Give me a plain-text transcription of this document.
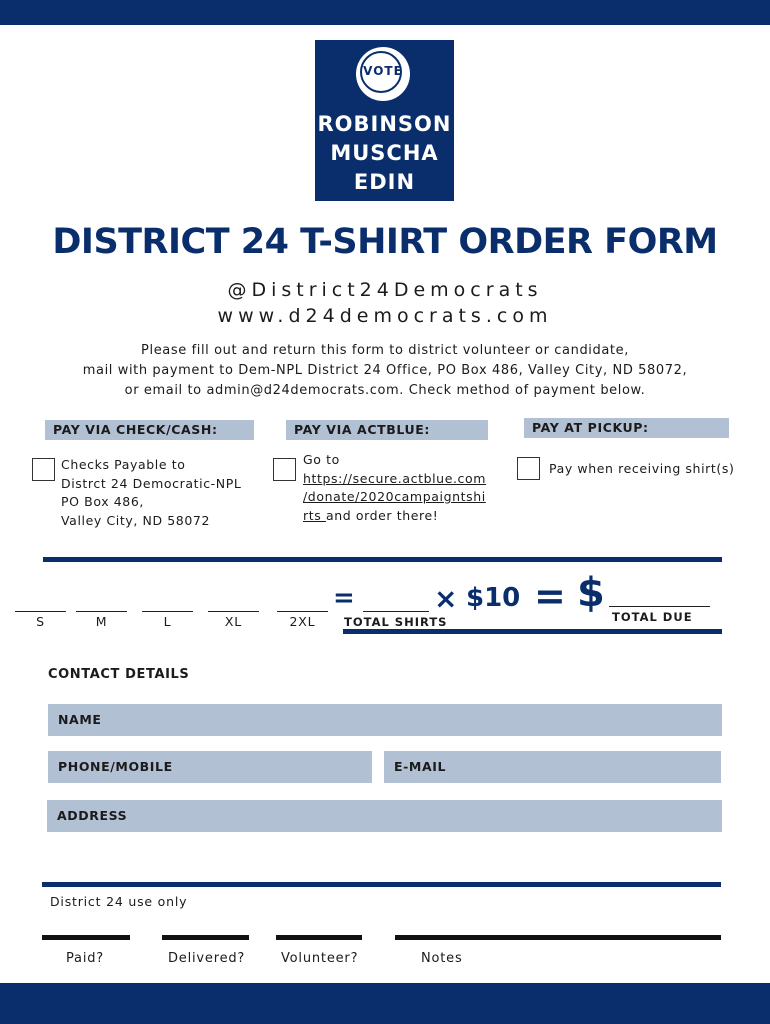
VOTE
ROBINSON
MUSCHA
EDIN
DISTRICT 24 T-SHIRT ORDER FORM
@District24Democrats
www.d24democrats.com
Please fill out and return this form to district volunteer or candidate,
mail with payment to Dem-NPL District 24 Office, PO Box 486, Valley City, ND 58072,
or email to admin@d24democrats.com. Check method of payment below.
PAY VIA CHECK/CASH:	PAY VIA ACTBLUE:	PAY AT PICKUP:
Checks Payable to
Distrct 24 Democratic-NPL
PO Box 486,
Valley City, ND 58072
Go to
https://secure.actblue.com
/donate/2020campaigntshi
rts and order there!
Pay when receiving shirt(s)
S	M	L	XL	2XL
=
TOTAL SHIRTS
× $10 = $
TOTAL DUE
CONTACT DETAILS
NAME
PHONE/MOBILE	E-MAIL
ADDRESS
District 24 use only
Paid?	Delivered?	Volunteer?	Notes
